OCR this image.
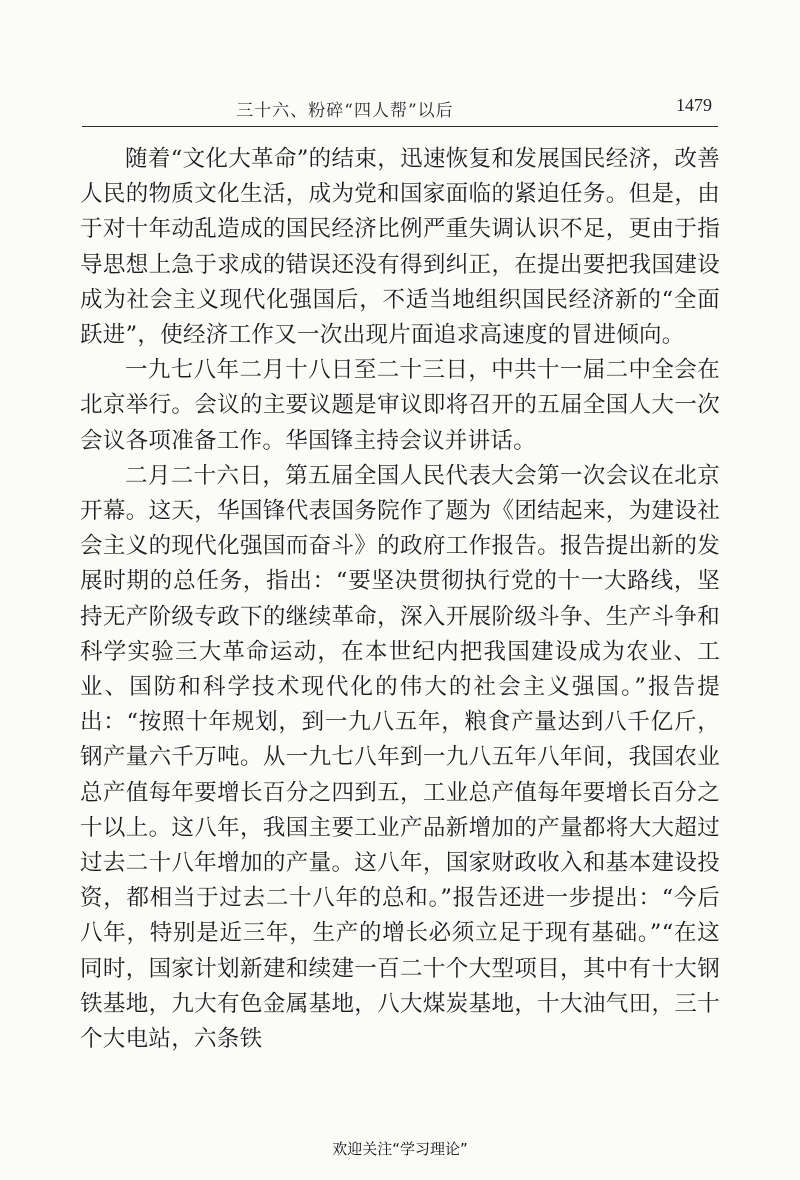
三十六、粉碎“四人帮”以后	1479

随着“文化大革命”的结束，迅速恢复和发展国民经济，改善人民的物质文化生活，成为党和国家面临的紧迫任务。但是，由于对十年动乱造成的国民经济比例严重失调认识不足，更由于指导思想上急于求成的错误还没有得到纠正，在提出要把我国建设成为社会主义现代化强国后，不适当地组织国民经济新的“全面跃进”，使经济工作又一次出现片面追求高速度的冒进倾向。

一九七八年二月十八日至二十三日，中共十一届二中全会在北京举行。会议的主要议题是审议即将召开的五届全国人大一次会议各项准备工作。华国锋主持会议并讲话。

二月二十六日，第五届全国人民代表大会第一次会议在北京开幕。这天，华国锋代表国务院作了题为《团结起来，为建设社会主义的现代化强国而奋斗》的政府工作报告。报告提出新的发展时期的总任务，指出：“要坚决贯彻执行党的十一大路线，坚持无产阶级专政下的继续革命，深入开展阶级斗争、生产斗争和科学实验三大革命运动，在本世纪内把我国建设成为农业、工业、国防和科学技术现代化的伟大的社会主义强国。”报告提出：“按照十年规划，到一九八五年，粮食产量达到八千亿斤，钢产量六千万吨。从一九七八年到一九八五年八年间，我国农业总产值每年要增长百分之四到五，工业总产值每年要增长百分之十以上。这八年，我国主要工业产品新增加的产量都将大大超过过去二十八年增加的产量。这八年，国家财政收入和基本建设投资，都相当于过去二十八年的总和。”报告还进一步提出：“今后八年，特别是近三年，生产的增长必须立足于现有基础。”“在这同时，国家计划新建和续建一百二十个大型项目，其中有十大钢铁基地，九大有色金属基地，八大煤炭基地，十大油气田，三十个大电站，六条铁

欢迎关注“学习理论”
